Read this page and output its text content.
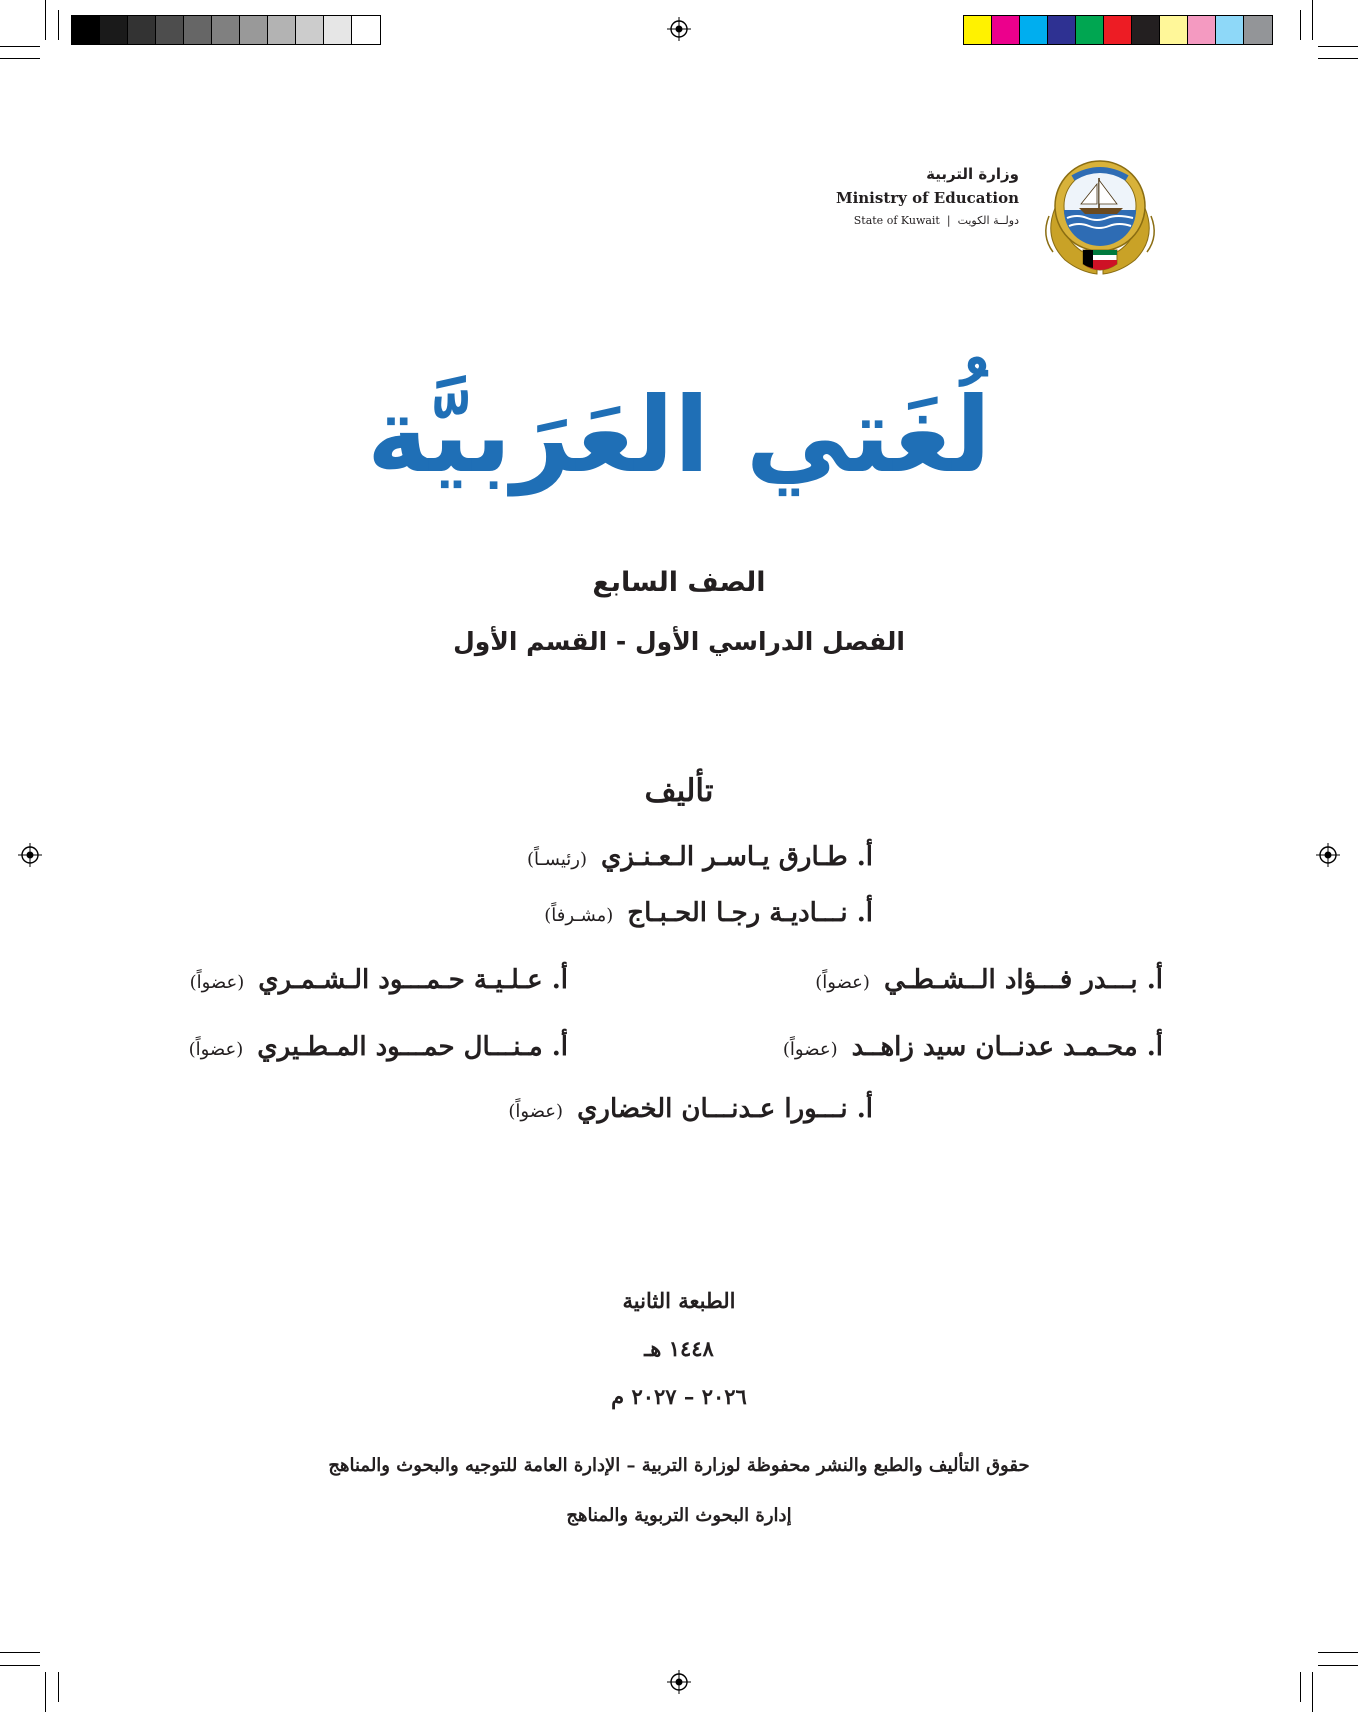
وزارة التربية
Ministry of Education
State of Kuwait  |  دولــة الكويت
لُغَتي العَرَبيَّة
الصف السابع
الفصل الدراسي الأول - القسم الأول
تأليف
أ. طـارق يـاسـر الـعـنـزي(رئيسـاً)
أ. نـــاديـة رجـا الحـبـاج(مشـرفاً)
أ. بـــدر فـــؤاد الــشـطـي(عضواً)
أ. عـلـيـة حـمـــود الـشـمـري(عضواً)
أ. محـمـد عدنــان سيد زاهــد(عضواً)
أ. مـنـــال حمـــود المـطـيري(عضواً)
أ. نـــورا عـدنـــان الخضاري(عضواً)
الطبعة الثانية
١٤٤٨ هـ
٢٠٢٦ – ٢٠٢٧ م
حقوق التأليف والطبع والنشر محفوظة لوزارة التربية – الإدارة العامة للتوجيه والبحوث والمناهج
إدارة البحوث التربوية والمناهج
